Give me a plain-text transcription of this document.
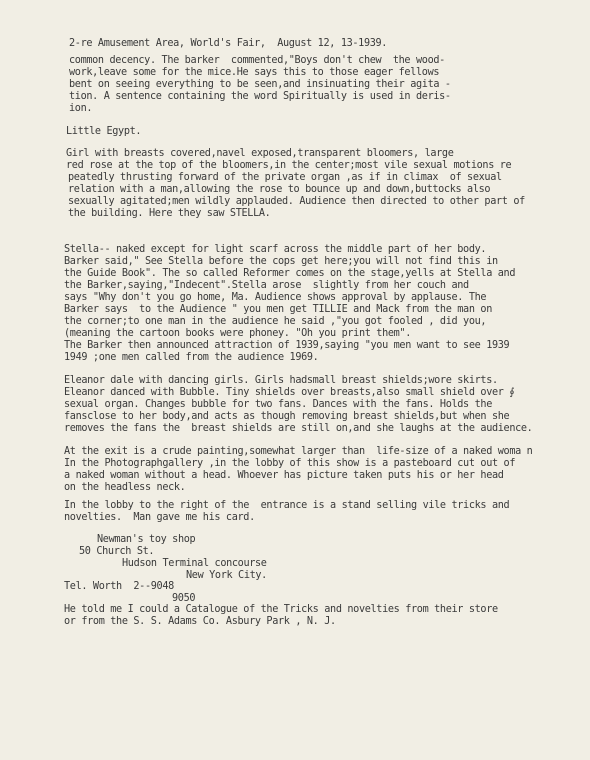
2-re Amusement Area, World's Fair,  August 12, 13-1939.
common decency. The barker  commented,"Boys don't chew  the wood-
work,leave some for the mice.He says this to those eager fellows
bent on seeing everything to be seen,and insinuating their agita -
tion. A sentence containing the word Spiritually is used in deris-
ion.
Little Egypt.
Girl with breasts covered,navel exposed,transparent bloomers, large
red rose at the top of the bloomers,in the center;most vile sexual motions re
peatedly thrusting forward of the private organ ,as if in climax  of sexual
relation with a man,allowing the rose to bounce up and down,buttocks also
sexually agitated;men wildly applauded. Audience then directed to other part of
the building. Here they saw STELLA.
Stella-- naked except for light scarf across the middle part of her body.
Barker said," See Stella before the cops get here;you will not find this in
the Guide Book". The so called Reformer comes on the stage,yells at Stella and
the Barker,saying,"Indecent".Stella arose  slightly from her couch and
says "Why don't you go home, Ma. Audience shows approval by applause. The
Barker says  to the Audience " you men get TILLIE and Mack from the man on
the corner;to one man in the audience he said ,"you got fooled , did you,
(meaning the cartoon books were phoney. "Oh you print them".
The Barker then announced attraction of 1939,saying "you men want to see 1939
1949 ;one men called from the audience 1969.
Eleanor dale with dancing girls. Girls hadsmall breast shields;wore skirts.
Eleanor danced with Bubble. Tiny shields over breasts,also small shield over ∮
sexual organ. Changes bubble for two fans. Dances with the fans. Holds the
fansclose to her body,and acts as though removing breast shields,but when she
removes the fans the  breast shields are still on,and she laughs at the audience.
At the exit is a crude painting,somewhat larger than  life-size of a naked woma n
In the Photographgallery ,in the lobby of this show is a pasteboard cut out of
a naked woman without a head. Whoever has picture taken puts his or her head
on the headless neck.
In the lobby to the right of the  entrance is a stand selling vile tricks and
novelties.  Man gave me his card.
Newman's toy shop
50 Church St.
Hudson Terminal concourse
New York City.
Tel. Worth  2--9048
9050
He told me I could a Catalogue of the Tricks and novelties from their store
or from the S. S. Adams Co. Asbury Park , N. J.
